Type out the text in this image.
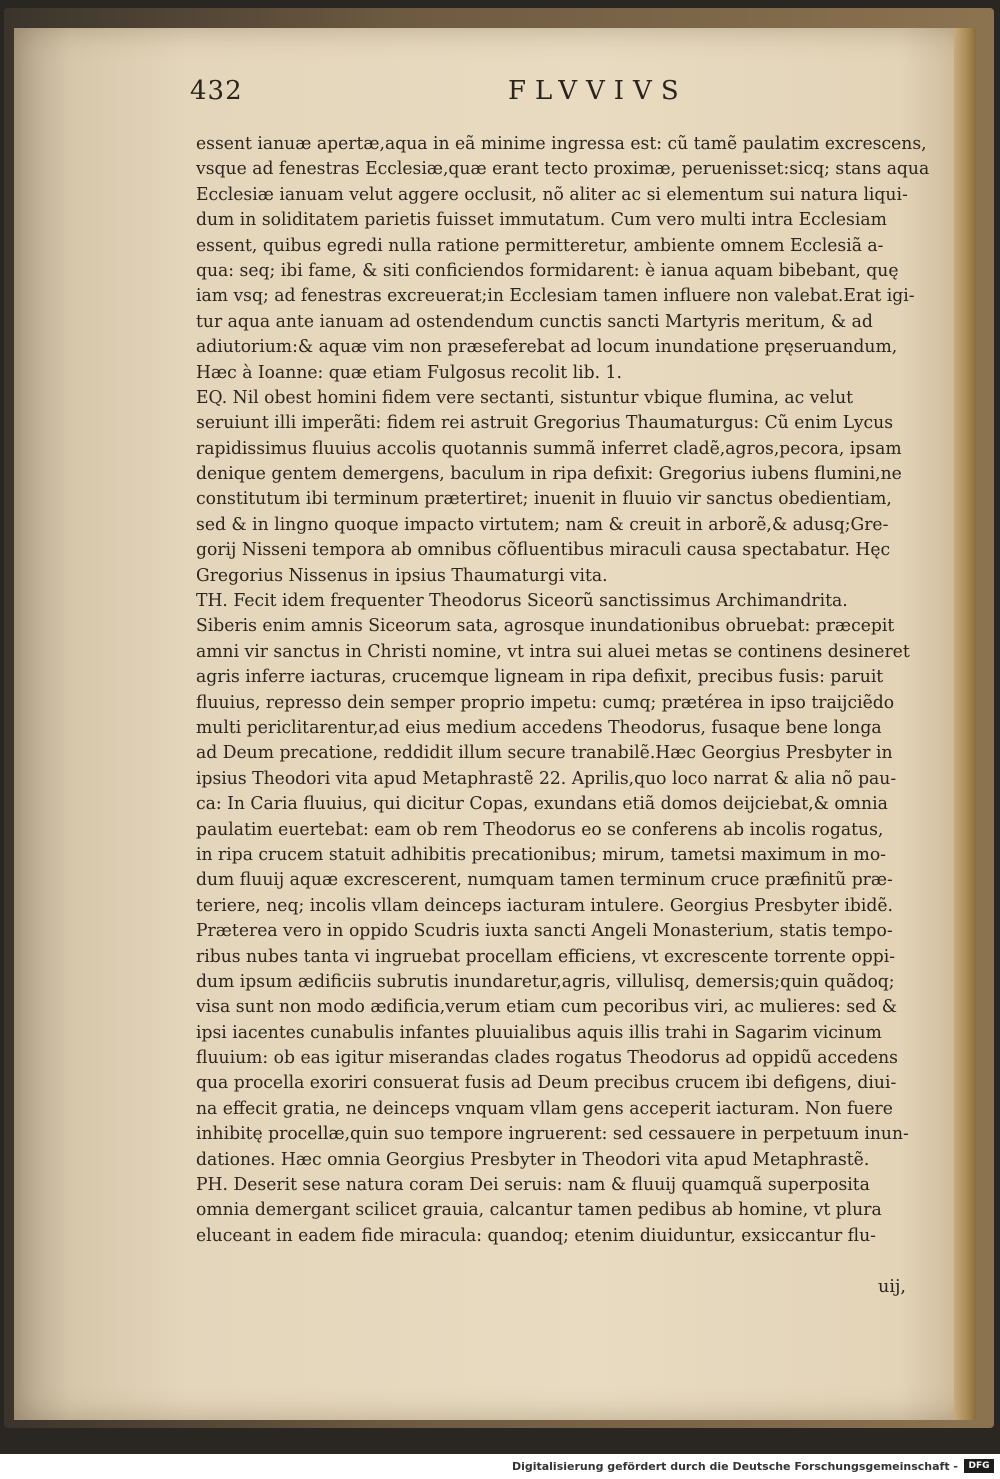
432	FLVVIVS
essent ianuæ apertæ,aqua in eã minime ingressa est: cũ tamẽ paulatim excrescens,
vsque ad fenestras Ecclesiæ,quæ erant tecto proximæ, peruenisset:sicq; stans aqua
Ecclesiæ ianuam velut aggere occlusit, nõ aliter ac si elementum sui natura liqui-
dum in soliditatem parietis fuisset immutatum. Cum vero multi intra Ecclesiam
essent, quibus egredi nulla ratione permitteretur, ambiente omnem Ecclesiã a-
qua: seq; ibi fame, & siti conficiendos formidarent: è ianua aquam bibebant, quę
iam vsq; ad fenestras excreuerat;in Ecclesiam tamen influere non valebat.Erat igi-
tur aqua ante ianuam ad ostendendum cunctis sancti Martyris meritum, & ad
adiutorium:& aquæ vim non præseferebat ad locum inundatione pręseruandum,
Hæc à Ioanne: quæ etiam Fulgosus recolit lib. 1.
EQ. Nil obest homini fidem vere sectanti, sistuntur vbique flumina, ac velut
seruiunt illi imperãti: fidem rei astruit Gregorius Thaumaturgus: Cũ enim Lycus
rapidissimus fluuius accolis quotannis summã inferret cladẽ,agros,pecora, ipsam
denique gentem demergens, baculum in ripa defixit: Gregorius iubens flumini,ne
constitutum ibi terminum prætertiret; inuenit in fluuio vir sanctus obedientiam,
sed & in lingno quoque impacto virtutem; nam & creuit in arborẽ,& adusq;Gre-
gorij Nisseni tempora ab omnibus cõfluentibus miraculi causa spectabatur. Hęc
Gregorius Nissenus in ipsius Thaumaturgi vita.
TH. Fecit idem frequenter Theodorus Siceorũ sanctissimus Archimandrita.
Siberis enim amnis Siceorum sata, agrosque inundationibus obruebat: præcepit
amni vir sanctus in Christi nomine, vt intra sui aluei metas se continens desineret
agris inferre iacturas, crucemque ligneam in ripa defixit, precibus fusis: paruit
fluuius, represso dein semper proprio impetu: cumq; prætérea in ipso traijciẽdo
multi periclitarentur,ad eius medium accedens Theodorus, fusaque bene longa
ad Deum precatione, reddidit illum secure tranabilẽ.Hæc Georgius Presbyter in
ipsius Theodori vita apud Metaphrastẽ 22. Aprilis,quo loco narrat & alia nõ pau-
ca: In Caria fluuius, qui dicitur Copas, exundans etiã domos deijciebat,& omnia
paulatim euertebat: eam ob rem Theodorus eo se conferens ab incolis rogatus,
in ripa crucem statuit adhibitis precationibus; mirum, tametsi maximum in mo-
dum fluuij aquæ excrescerent, numquam tamen terminum cruce præfinitũ præ-
teriere, neq; incolis vllam deinceps iacturam intulere. Georgius Presbyter ibidẽ.
Præterea vero in oppido Scudris iuxta sancti Angeli Monasterium, statis tempo-
ribus nubes tanta vi ingruebat procellam efficiens, vt excrescente torrente oppi-
dum ipsum ædificiis subrutis inundaretur,agris, villulisq, demersis;quin quãdoq;
visa sunt non modo ædificia,verum etiam cum pecoribus viri, ac mulieres: sed &
ipsi iacentes cunabulis infantes pluuialibus aquis illis trahi in Sagarim vicinum
fluuium: ob eas igitur miserandas clades rogatus Theodorus ad oppidũ accedens
qua procella exoriri consuerat fusis ad Deum precibus crucem ibi defigens, diui-
na effecit gratia, ne deinceps vnquam vllam gens acceperit iacturam. Non fuere
inhibitę procellæ,quin suo tempore ingruerent: sed cessauere in perpetuum inun-
dationes. Hæc omnia Georgius Presbyter in Theodori vita apud Metaphrastẽ.
PH. Deserit sese natura coram Dei seruis: nam & fluuij quamquã superposita
omnia demergant scilicet grauia, calcantur tamen pedibus ab homine, vt plura
eluceant in eadem fide miracula: quandoq; etenim diuiduntur, exsiccantur flu-
uij,
Digitalisierung gefördert durch die Deutsche Forschungsgemeinschaft -	DFG
